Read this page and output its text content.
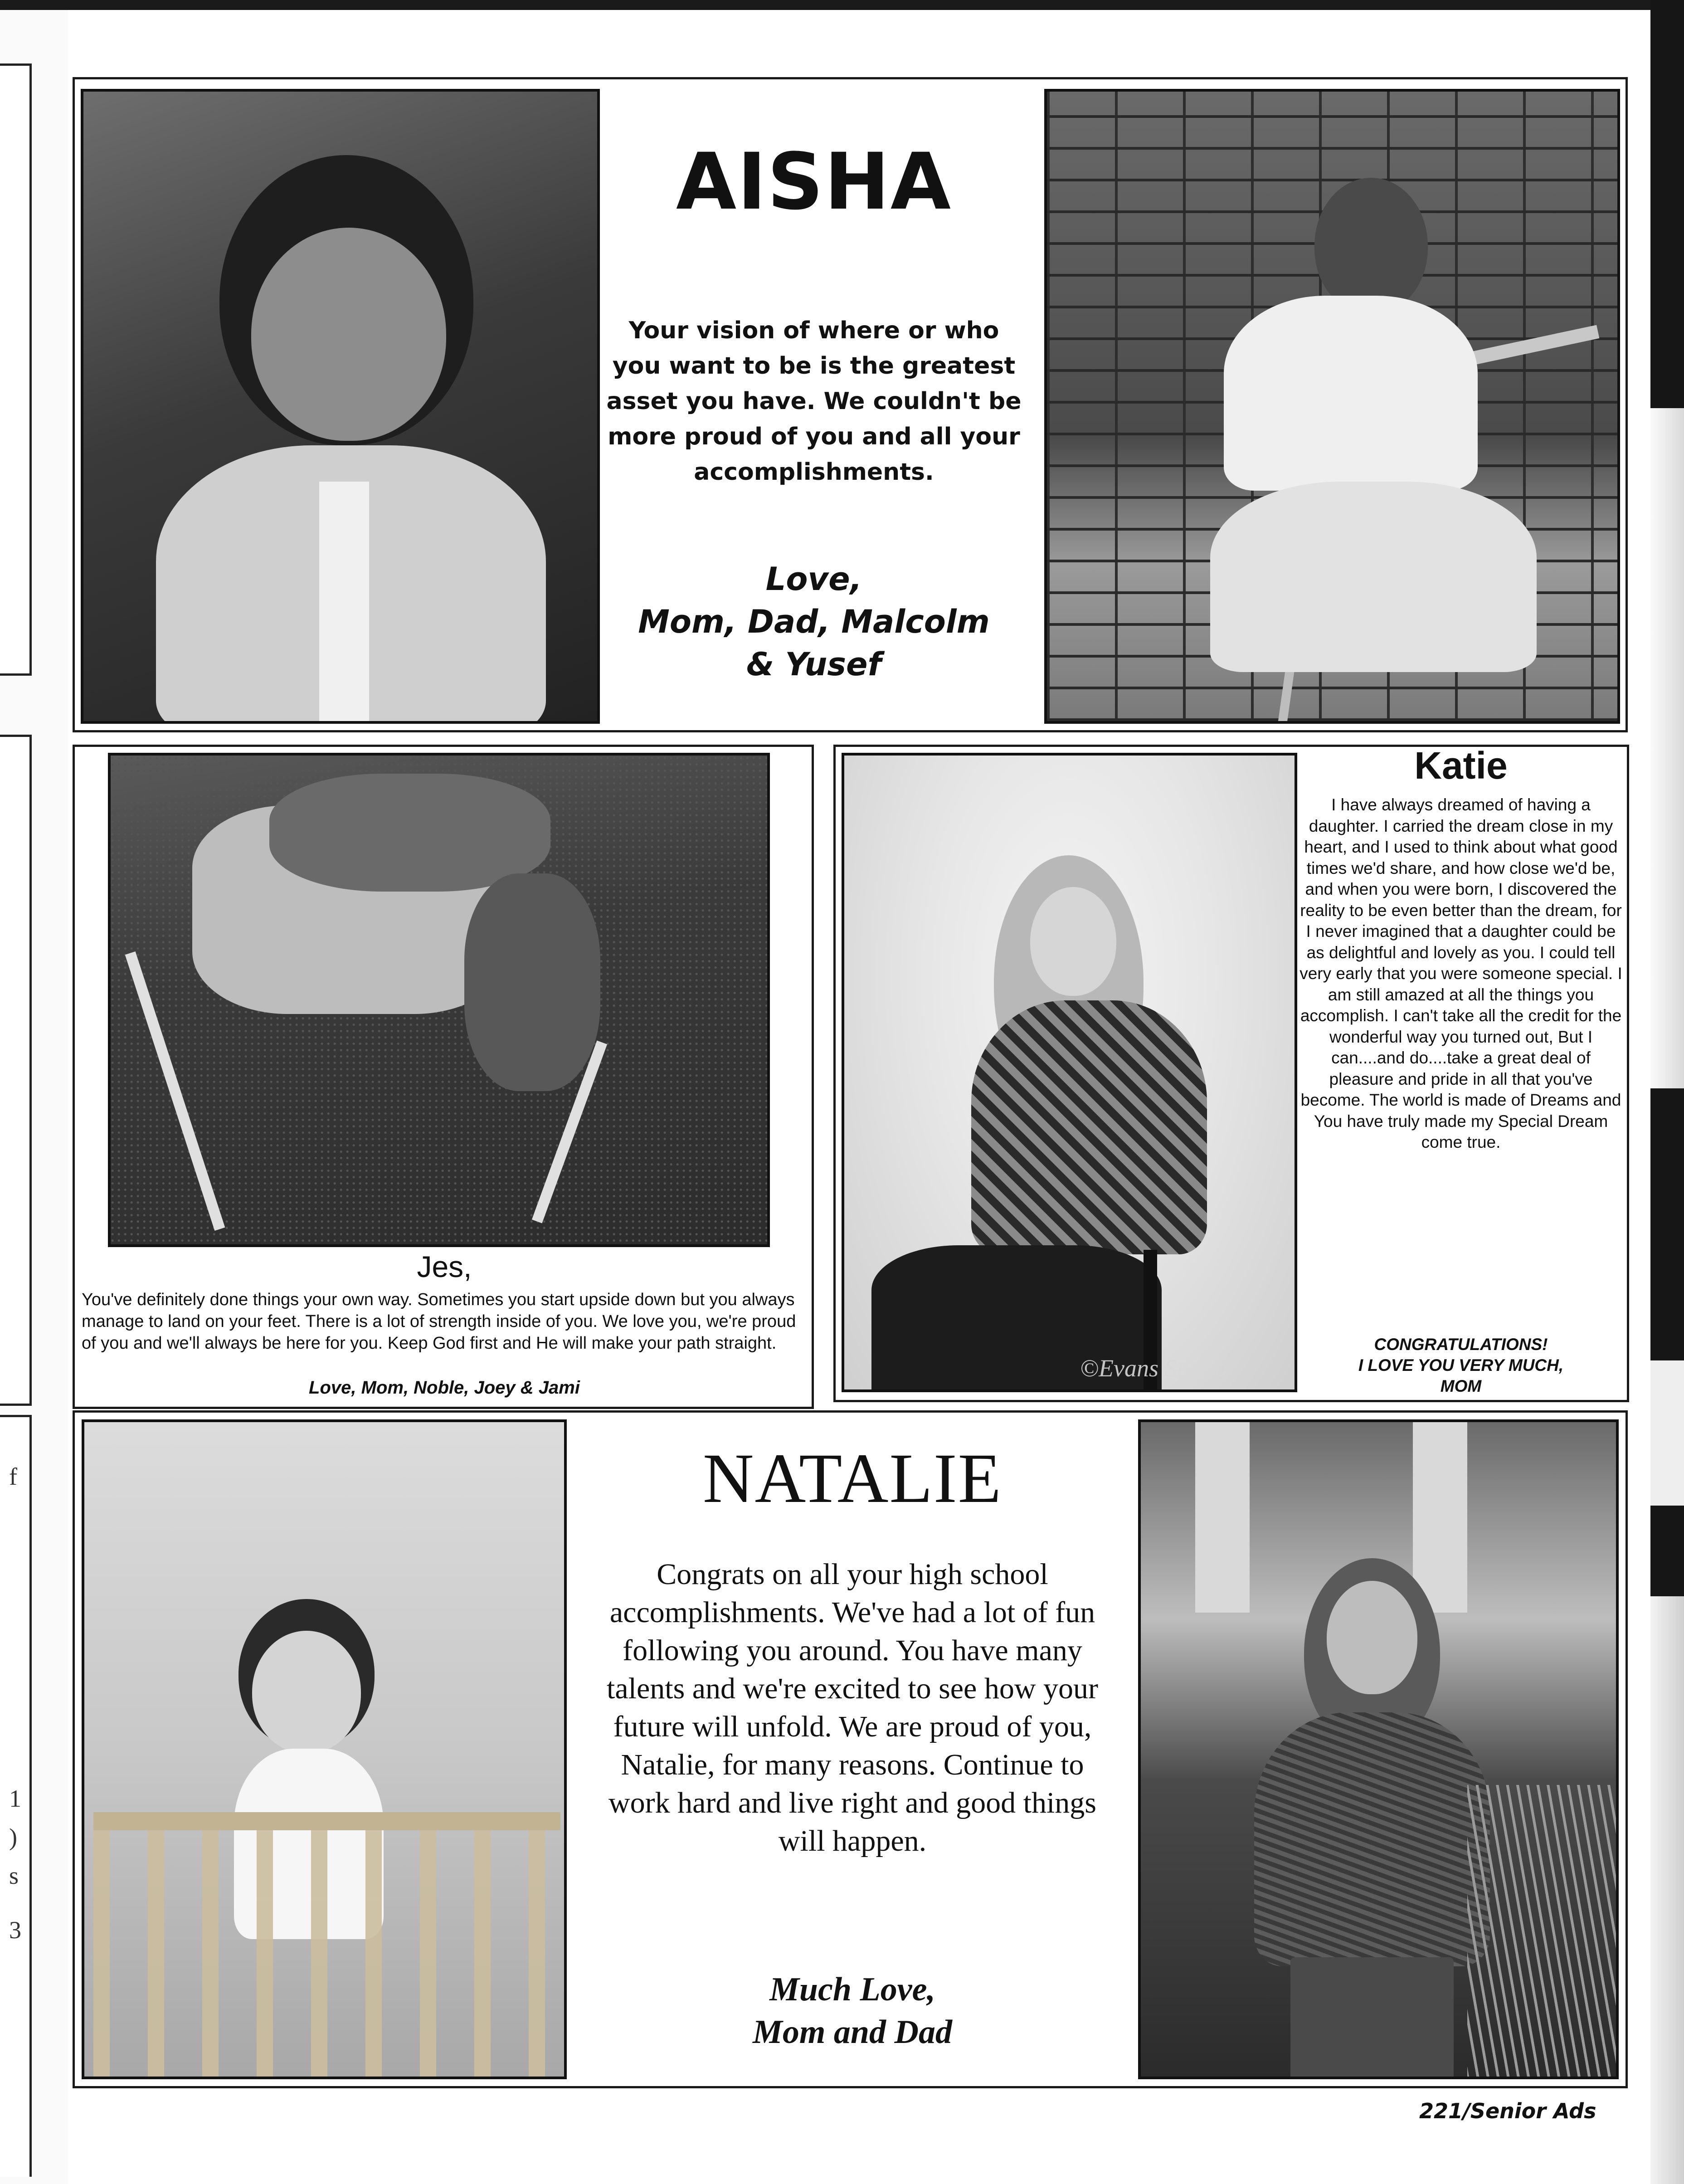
f
1
)
s
3
AISHA
Your vision of where or who you want to be is the greatest asset you have. We couldn't be more proud of you and all your accomplishments.
Love,
Mom, Dad, Malcolm
& Yusef
Jes,
You've definitely done things your own way. Sometimes you start upside down but you always manage to land on your feet. There is a lot of strength inside of you. We love you, we're proud of you and we'll always be here for you. Keep God first and He will make your path straight.
Love, Mom, Noble, Joey & Jami
©Evans Studio
Katie
I have always dreamed of having a daughter. I carried the dream close in my heart, and I used to think about what good times we'd share, and how close we'd be, and when you were born, I discovered the reality to be even better than the dream, for I never imagined that a daughter could be as delightful and lovely as you. I could tell very early that you were someone special. I am still amazed at all the things you accomplish. I can't take all the credit for the wonderful way you turned out, But I can....and do....take a great deal of pleasure and pride in all that you've become. The world is made of Dreams and You have truly made my Special Dream come true.
CONGRATULATIONS!
I LOVE YOU VERY MUCH,
MOM
NATALIE
Congrats on all your high school accomplishments. We've had a lot of fun following you around. You have many talents and we're excited to see how your future will unfold. We are proud of you, Natalie, for many reasons. Continue to work hard and live right and good things will happen.
Much Love,
Mom and Dad
221/Senior Ads
